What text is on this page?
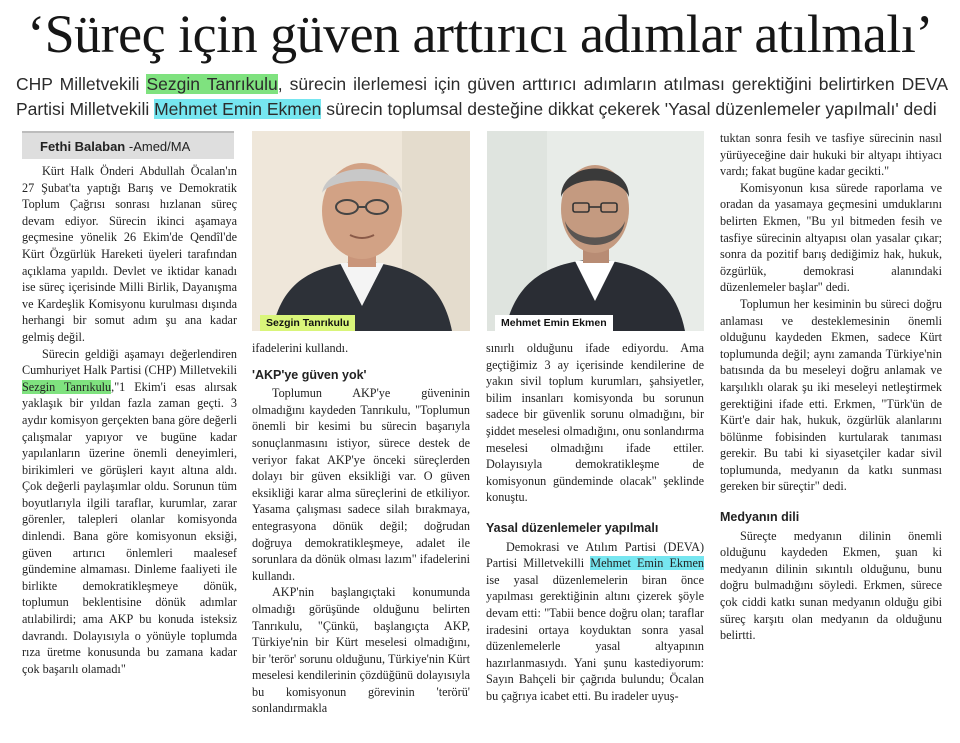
‘Süreç için güven arttırıcı adımlar atılmalı’
CHP Milletvekili Sezgin Tanrıkulu, sürecin ilerlemesi için güven arttırıcı adımların atılması gerektiğini belirtirken DEVA Partisi Milletvekili Mehmet Emin Ekmen sürecin toplumsal desteğine dikkat çekerek 'Yasal düzenlemeler yapılmalı' dedi
Fethi Balaban -Amed/MA

Kürt Halk Önderi Abdullah Öcalan'ın 27 Şubat'ta yaptığı Barış ve Demokratik Toplum Çağrısı sonrası hızlanan süreç devam ediyor. Sürecin ikinci aşamaya geçmesine yönelik 26 Ekim'de Qendîl'de Kürt Özgürlük Hareketi üyeleri tarafından açıklama yapıldı. Devlet ve iktidar kanadı ise süreç içerisinde Milli Birlik, Dayanışma ve Kardeşlik Komisyonu kurulması dışında herhangi bir somut adım şu ana kadar gelmiş değil.

Sürecin geldiği aşamayı değerlendiren Cumhuriyet Halk Partisi (CHP) Milletvekili Sezgin Tanrıkulu,"1 Ekim'i esas alırsak yaklaşık bir yıldan fazla zaman geçti. 3 aydır komisyon gerçekten bana göre değerli çalışmalar yapıyor ve bugüne kadar yapılanların üzerine önemli deneyimleri, birikimleri ve görüşleri kayıt altına aldı. Çok değerli paylaşımlar oldu. Sorunun tüm boyutlarıyla ilgili taraflar, kurumlar, zarar görenler, talepleri olanlar komisyonda dinlendi. Bana göre komisyonun eksiği, güven artırıcı önlemleri maalesef gündemine almaması. Dinleme faaliyeti ile birlikte demokratikleşmeye dönük, toplumun beklentisine dönük adımlar atılabilirdi; ama AKP bu konuda isteksiz davrandı. Dolayısıyla o yönüyle toplumda rıza üretme konusunda bu zamana kadar çok başarılı olamadı"

Sezgin Tanrıkulu	Mehmet Emin Ekmen

ifadelerini kullandı.

'AKP'ye güven yok'

Toplumun AKP'ye güveninin olmadığını kaydeden Tanrıkulu, "Toplumun önemli bir kesimi bu sürecin başarıyla sonuçlanmasını istiyor, sürece destek de veriyor fakat AKP'ye önceki süreçlerden dolayı bir güven eksikliği var. O güven eksikliği karar alma süreçlerini de etkiliyor. Yasama çalışması sadece silah bırakmaya, entegrasyona dönük değil; doğrudan doğruya demokratikleşmeye, adalet ile sorunlara da dönük olması lazım" ifadelerini kullandı.

AKP'nin başlangıçtaki konumunda olmadığı görüşünde olduğunu belirten Tanrıkulu, "Çünkü, başlangıçta AKP, Türkiye'nin bir Kürt meselesi olmadığını, bir 'terör' sorunu olduğunu, Türkiye'nin Kürt meselesi kendilerinin çözdüğünü dolayısıyla bu komisyonun görevinin 'terörü' sonlandırmakla

sınırlı olduğunu ifade ediyordu. Ama geçtiğimiz 3 ay içerisinde kendilerine de yakın sivil toplum kurumları, şahsiyetler, bilim insanları komisyonda bu sorunun sadece bir güvenlik sorunu olmadığını, bir şiddet meselesi olmadığını, onu sonlandırma meselesi olmadığını ifade ettiler. Dolayısıyla demokratikleşme de komisyonun gündeminde olacak" şeklinde konuştu.

Yasal düzenlemeler yapılmalı

Demokrasi ve Atılım Partisi (DEVA) Partisi Milletvekilli Mehmet Emin Ekmen ise yasal düzenlemelerin biran önce yapılması gerektiğinin altını çizerek şöyle devam etti: "Tabii bence doğru olan; taraflar iradesini ortaya koyduktan sonra yasal düzenlemelerle yasal altyapının hazırlanmasıydı. Yani şunu kastediyorum: Sayın Bahçeli bir çağrıda bulundu; Öcalan bu çağrıya icabet etti. Bu iradeler uyuş-

tuktan sonra fesih ve tasfiye sürecinin nasıl yürüyeceğine dair hukuki bir altyapı ihtiyacı vardı; fakat bugüne kadar gecikti."

Komisyonun kısa sürede raporlama ve oradan da yasamaya geçmesini umduklarını belirten Ekmen, "Bu yıl bitmeden fesih ve tasfiye sürecinin altyapısı olan yasalar çıkar; sonra da pozitif barış dediğimiz hak, hukuk, özgürlük, demokrasi alanındaki düzenlemeler başlar" dedi.

Toplumun her kesiminin bu süreci doğru anlaması ve desteklemesinin önemli olduğunu kaydeden Ekmen, sadece Kürt toplumunda değil; aynı zamanda Türkiye'nin batısında da bu meseleyi doğru anlamak ve karşılıklı olarak şu iki meseleyi netleştirmek gerektiğini ifade etti. Erkmen, "Türk'ün de Kürt'e dair hak, hukuk, özgürlük alanlarını bölünme fobisinden kurtularak tanıması gerekir. Bu tabi ki siyasetçiler kadar sivil toplumunda, medyanın da katkı sunması gereken bir süreçtir" dedi.

Medyanın dili

Süreçte medyanın dilinin önemli olduğunu kaydeden Ekmen, şuan ki medyanın dilinin sıkıntılı olduğunu, bunu doğru bulmadığını söyledi. Erkmen, sürece çok ciddi katkı sunan medyanın olduğu gibi süreç karşıtı olan medyanın da olduğunu belirtti.
